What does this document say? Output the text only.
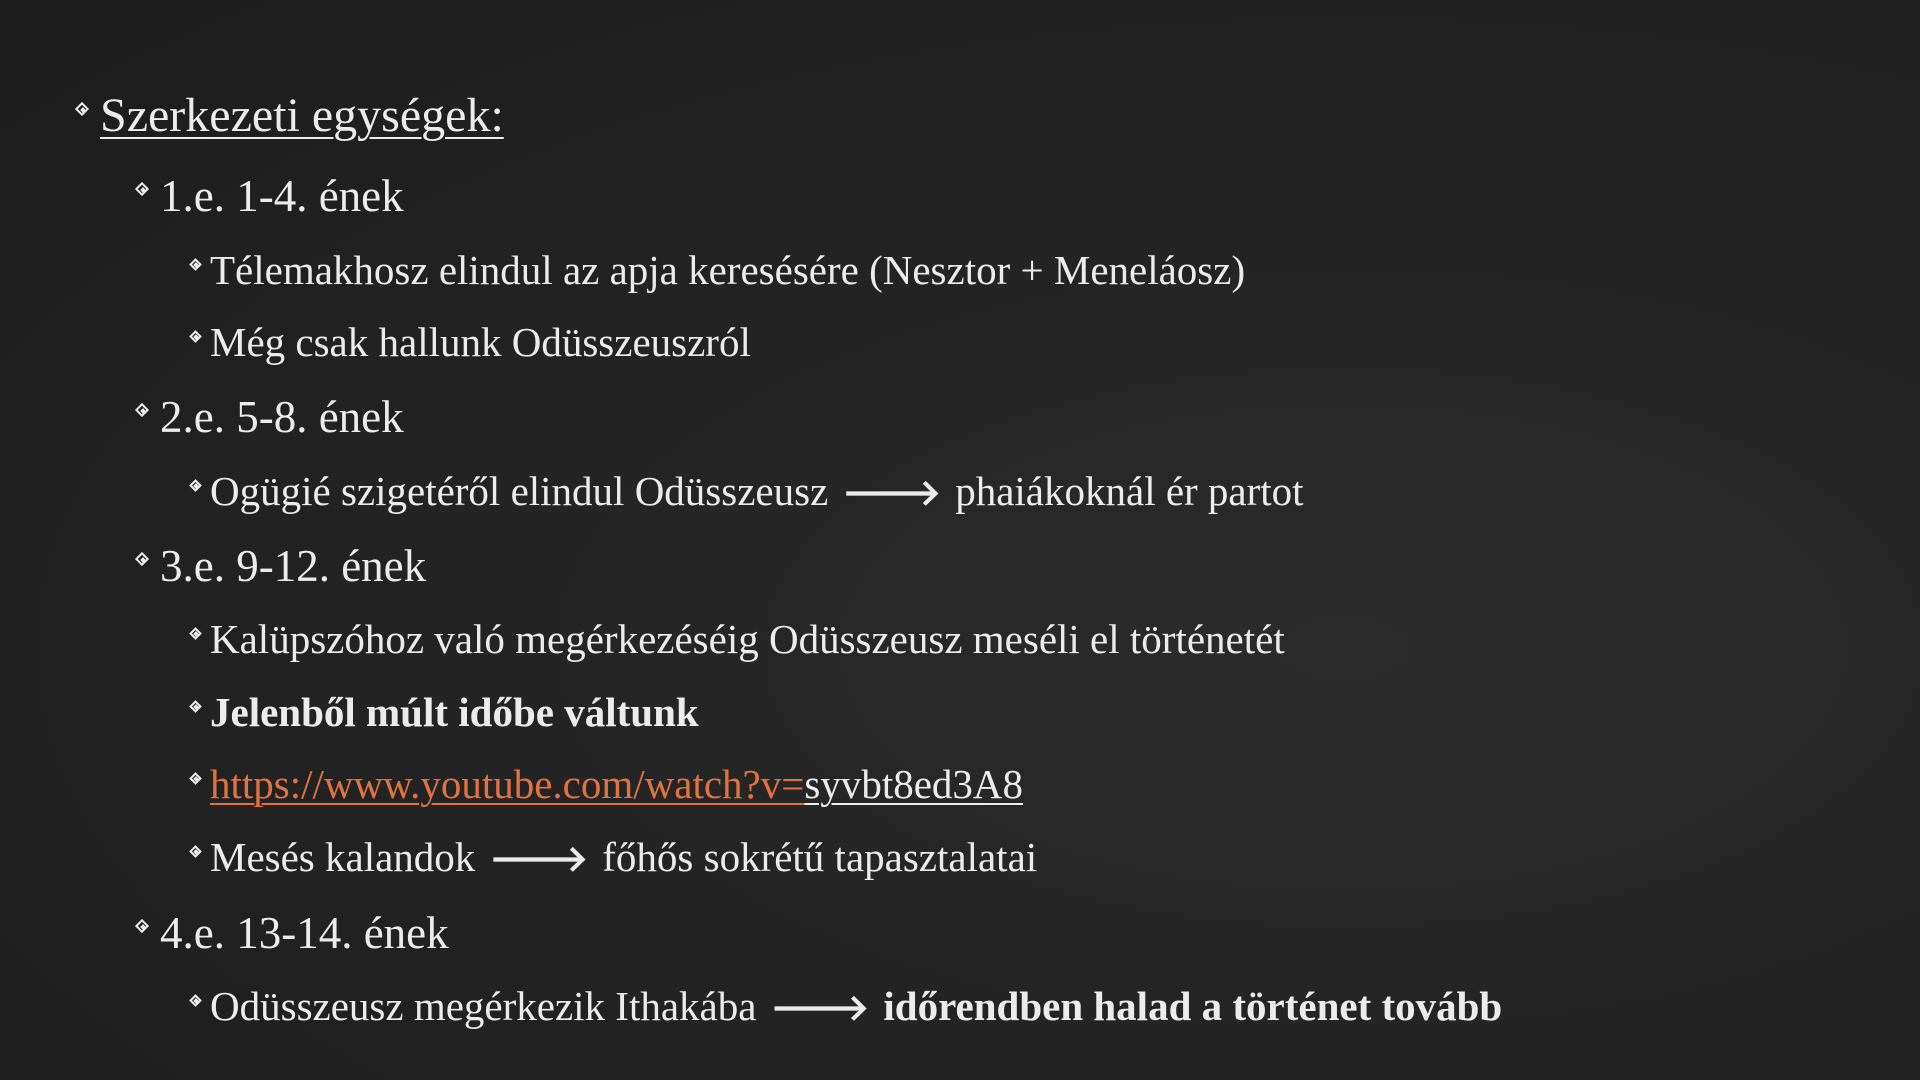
Szerkezeti egységek:
1.e. 1-4. ének
Télemakhosz elindul az apja keresésére (Nesztor + Meneláosz)
Még csak hallunk Odüsszeuszról
2.e. 5-8. ének
Ogügié szigetéről elindul Odüsszeusz 🡒 phaiákoknál ér partot
3.e. 9-12. ének
Kalüpszóhoz való megérkezéséig Odüsszeusz meséli el történetét
Jelenből múlt időbe váltunk
https://www.youtube.com/watch?v= syvbt8ed3A8
Mesés kalandok 🡒 főhős sokrétű tapasztalatai
4.e. 13-14. ének
Odüsszeusz megérkezik Ithakába 🡒 időrendben halad a történet tovább
